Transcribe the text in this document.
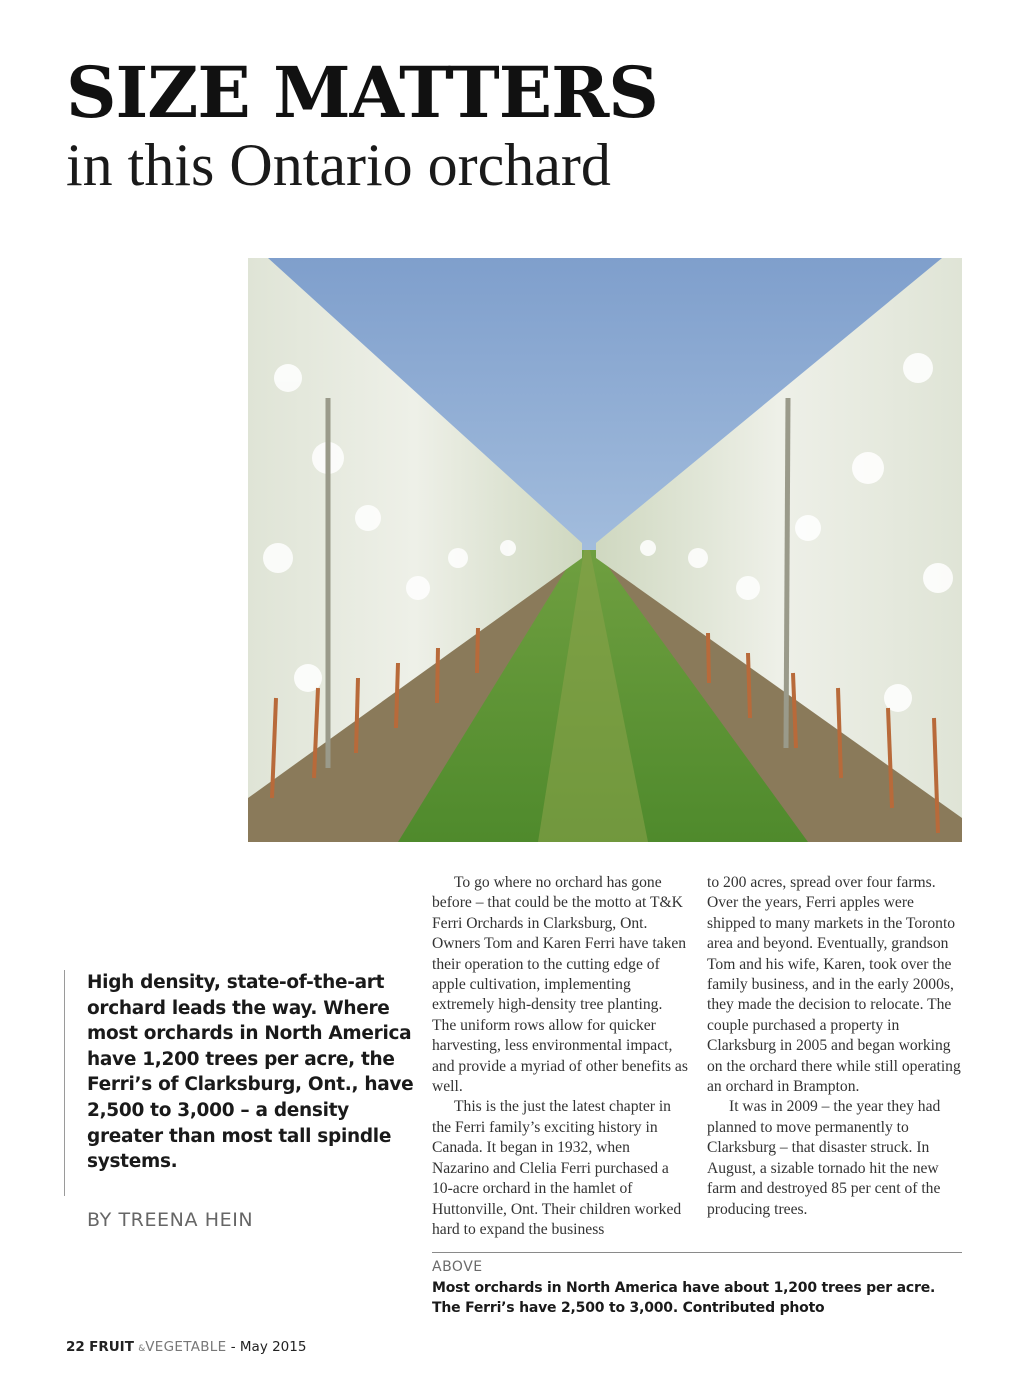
SIZE MATTERS
in this Ontario orchard

High density, state-of-the-art orchard leads the way. Where most orchards in North America have 1,200 trees per acre, the Ferri’s of Clarksburg, Ont., have 2,500 to 3,000 – a density greater than most tall spindle systems.

BY TREENA HEIN

To go where no orchard has gone before – that could be the motto at T&K Ferri Orchards in Clarksburg, Ont. Owners Tom and Karen Ferri have taken their operation to the cutting edge of apple cultivation, implementing extremely high-density tree planting. The uniform rows allow for quicker harvesting, less environmental impact, and provide a myriad of other benefits as well.

This is the just the latest chapter in the Ferri family’s exciting history in Canada. It began in 1932, when Nazarino and Clelia Ferri purchased a 10-acre orchard in the hamlet of Huttonville, Ont. Their children worked hard to expand the business

to 200 acres, spread over four farms. Over the years, Ferri apples were shipped to many markets in the Toronto area and beyond. Eventually, grandson Tom and his wife, Karen, took over the family business, and in the early 2000s, they made the decision to relocate. The couple purchased a property in Clarksburg in 2005 and began working on the orchard there while still operating an orchard in Brampton.

It was in 2009 – the year they had planned to move permanently to Clarksburg – that disaster struck. In August, a sizable tornado hit the new farm and destroyed 85 per cent of the producing trees.

ABOVE

Most orchards in North America have about 1,200 trees per acre. The Ferri’s have 2,500 to 3,000. Contributed photo

22 FRUIT &VEGETABLE - May 2015
